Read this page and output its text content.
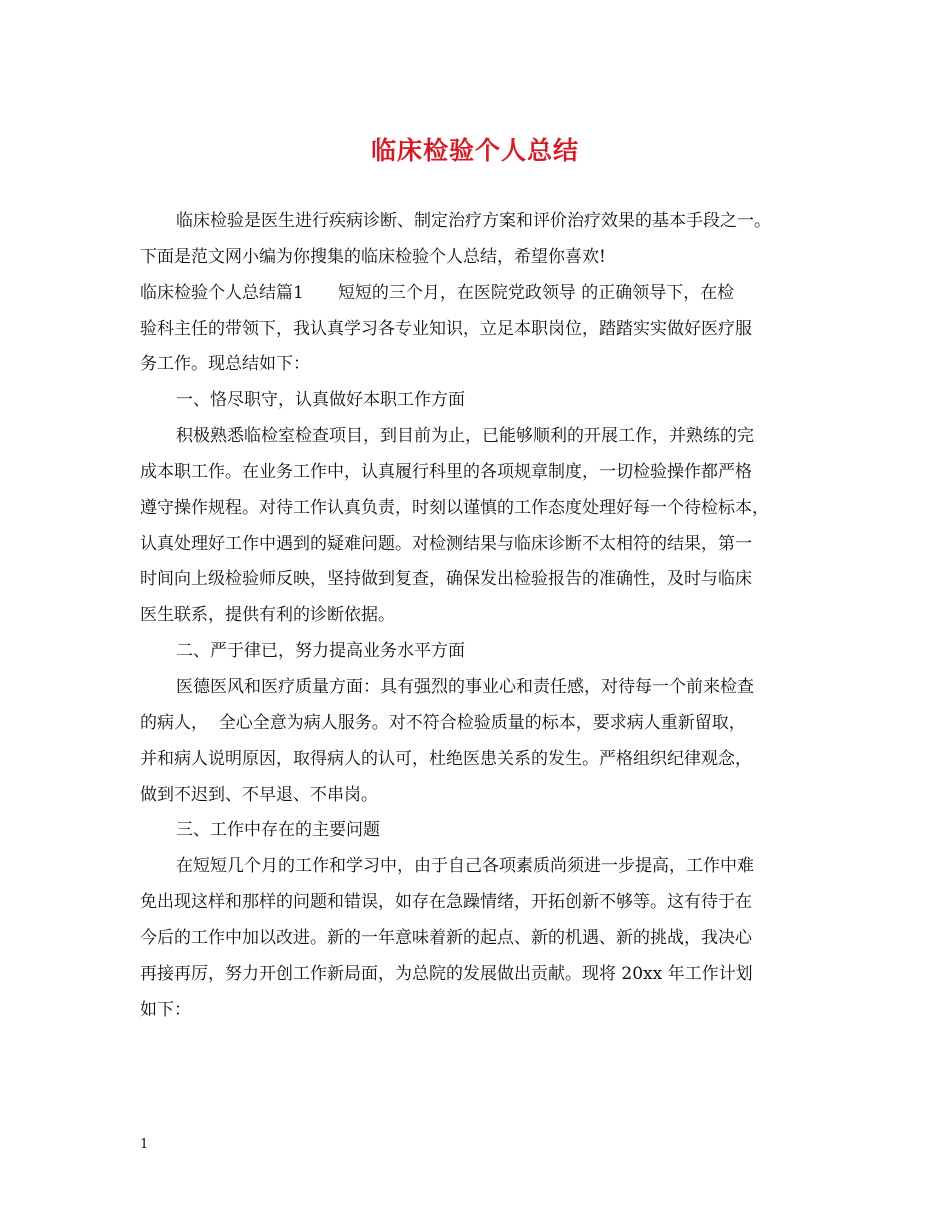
临床检验个人总结
临床检验是医生进行疾病诊断、制定治疗方案和评价治疗效果的基本手段之一。
下面是范文网小编为你搜集的临床检验个人总结，希望你喜欢!
临床检验个人总结篇1　　短短的三个月，在医院党政领导 的正确领导下，在检
验科主任的带领下，我认真学习各专业知识，立足本职岗位，踏踏实实做好医疗服
务工作。现总结如下：
一、恪尽职守，认真做好本职工作方面
积极熟悉临检室检查项目，到目前为止，已能够顺利的开展工作，并熟练的完
成本职工作。在业务工作中，认真履行科里的各项规章制度，一切检验操作都严格
遵守操作规程。对待工作认真负责，时刻以谨慎的工作态度处理好每一个待检标本，
认真处理好工作中遇到的疑难问题。对检测结果与临床诊断不太相符的结果，第一
时间向上级检验师反映，坚持做到复查，确保发出检验报告的准确性，及时与临床
医生联系，提供有利的诊断依据。
二、严于律已，努力提高业务水平方面
医德医风和医疗质量方面：具有强烈的事业心和责任感，对待每一个前来检查
的病人，  全心全意为病人服务。对不符合检验质量的标本，要求病人重新留取，
并和病人说明原因，取得病人的认可，杜绝医患关系的发生。严格组织纪律观念，
做到不迟到、不早退、不串岗。
三、工作中存在的主要问题
在短短几个月的工作和学习中，由于自己各项素质尚须进一步提高，工作中难
免出现这样和那样的问题和错误，如存在急躁情绪，开拓创新不够等。这有待于在
今后的工作中加以改进。新的一年意味着新的起点、新的机遇、新的挑战，我决心
再接再厉，努力开创工作新局面，为总院的发展做出贡献。现将 20xx 年工作计划
如下：
1
